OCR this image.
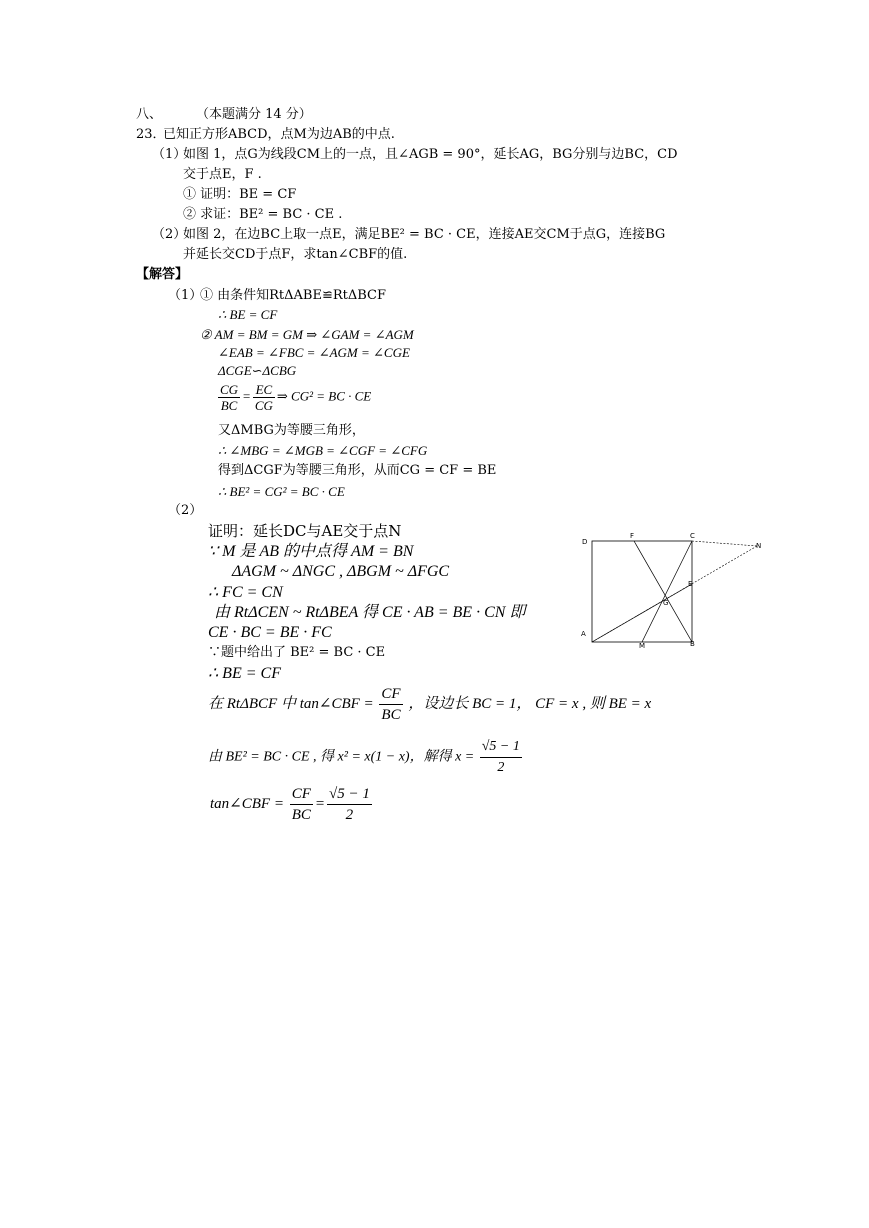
八、	（本题满分 14 分）
23．
已知正方形ABCD，点M为边AB的中点.
（1）
如图 1，点G为线段CM上的一点，且∠AGB = 90°，延长AG，BG分别与边BC，CD
交于点E，F .
① 证明：BE = CF
② 求证：BE² = BC · CE .
（2）
如图 2，在边BC上取一点E，满足BE² = BC · CE，连接AE交CM于点G，连接BG
并延长交CD于点F，求tan∠CBF的值.
【解答】
（1）
① 由条件知RtΔABE≌RtΔBCF
∴ BE = CF
② AM = BM = GM ⇒ ∠GAM = ∠AGM
∠EAB = ∠FBC = ∠AGM = ∠CGE
ΔCGE∽ΔCBG
$\frac{CG}{BC} = \frac{EC}{CG}$ ⇒ CG² = BC · CE
又ΔMBG为等腰三角形，
∴ ∠MBG = ∠MGB = ∠CGF = ∠CFG
得到ΔCGF为等腰三角形，从而CG = CF = BE
∴ BE² = CG² = BC · CE
（2）
证明：延长DC与AE交于点N
∵ M 是 AB 的中点得 AM = BN
ΔAGM ~ ΔNGC , ΔBGM ~ ΔFGC
∴ FC = CN
由 RtΔCEN ~ RtΔBEA 得 CE · AB = BE · CN 即
CE · BC = BE · FC
∵题中给出了 BE² = BC · CE
∴ BE = CF
在 RtΔBCF 中 tan∠CBF = $\frac{CF}{BC}$ ，设边长 BC = 1， CF = x , 则 BE = x
由 BE² = BC · CE , 得 x² = x(1 − x)，解得 $x = \frac{√5 - 1}{2}$
tan∠CBF = $\frac{CF}{BC} = \frac{√5 - 1}{2}$
D
F	C
N
E
G
A
M	B
